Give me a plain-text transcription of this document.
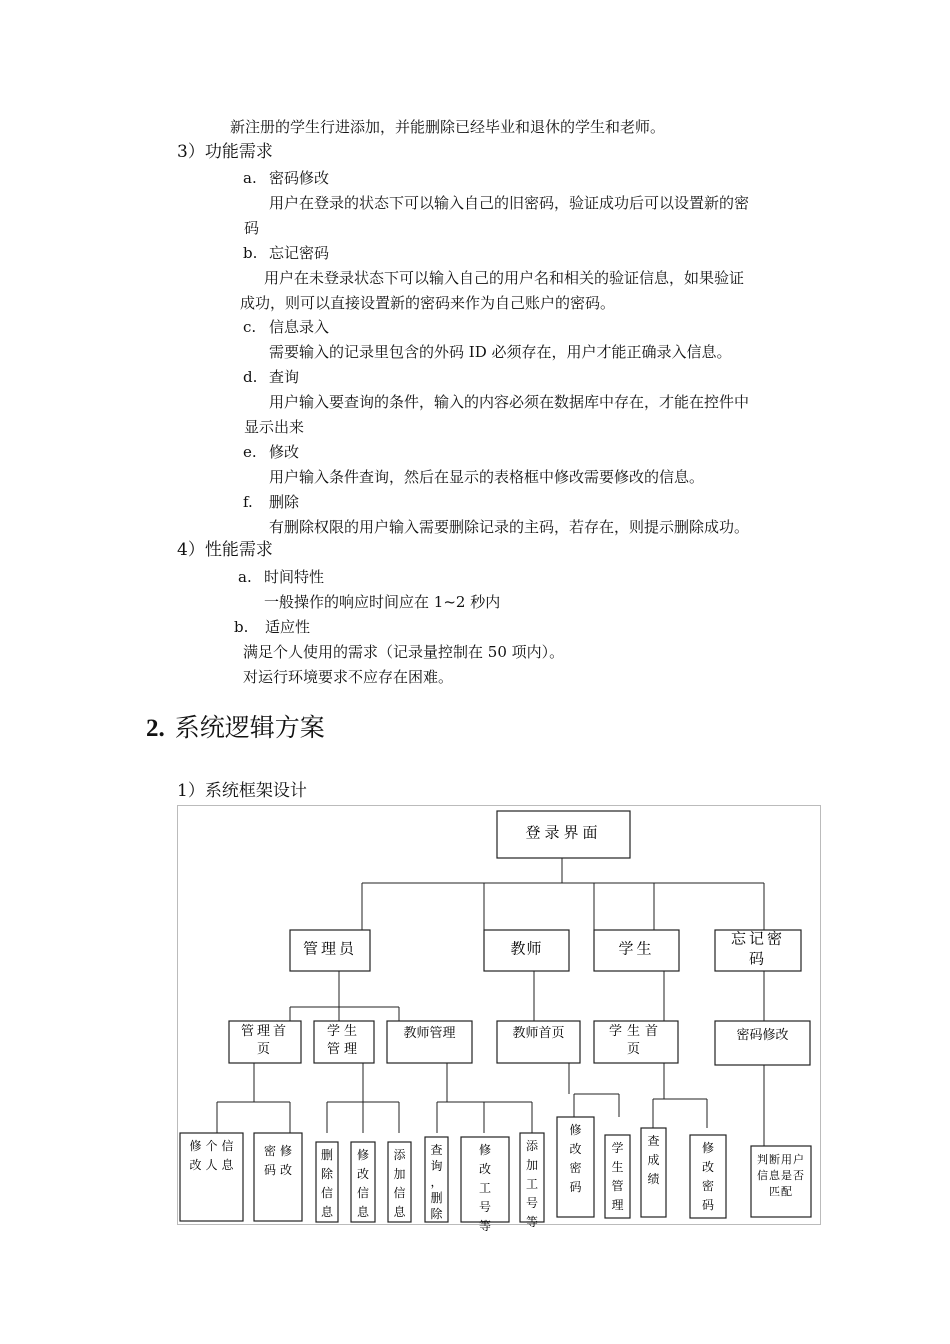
新注册的学生行进添加，并能删除已经毕业和退休的学生和老师。
3）功能需求
a. 密码修改
用户在登录的状态下可以输入自己的旧密码，验证成功后可以设置新的密
码
b. 忘记密码
用户在未登录状态下可以输入自己的用户名和相关的验证信息，如果验证
成功，则可以直接设置新的密码来作为自己账户的密码。
c. 信息录入
需要输入的记录里包含的外码 ID 必须存在，用户才能正确录入信息。
d. 查询
用户输入要查询的条件，输入的内容必须在数据库中存在，才能在控件中
显示出来
e. 修改
用户输入条件查询，然后在显示的表格框中修改需要修改的信息。
f. 删除
有删除权限的用户输入需要删除记录的主码，若存在，则提示删除成功。
4）性能需求
a. 时间特性
一般操作的响应时间应在 1~2 秒内
b. 适应性
满足个人使用的需求（记录量控制在 50 项内）。
对运行环境要求不应存在困难。
2. 系统逻辑方案
1）系统框架设计
登录界面
管理员	教师	学生
忘记密
码
管理首
页
学生
管理
教师管理	教师首页	学生首
页
密码修改
修改
个人
信息
密码
修改
删除信息
修改信息
添加信息
查询，删除
修改工号等
添加工号等
修改密码
学生管理
查成绩
修改密码
判断用户
信息是否
匹配
